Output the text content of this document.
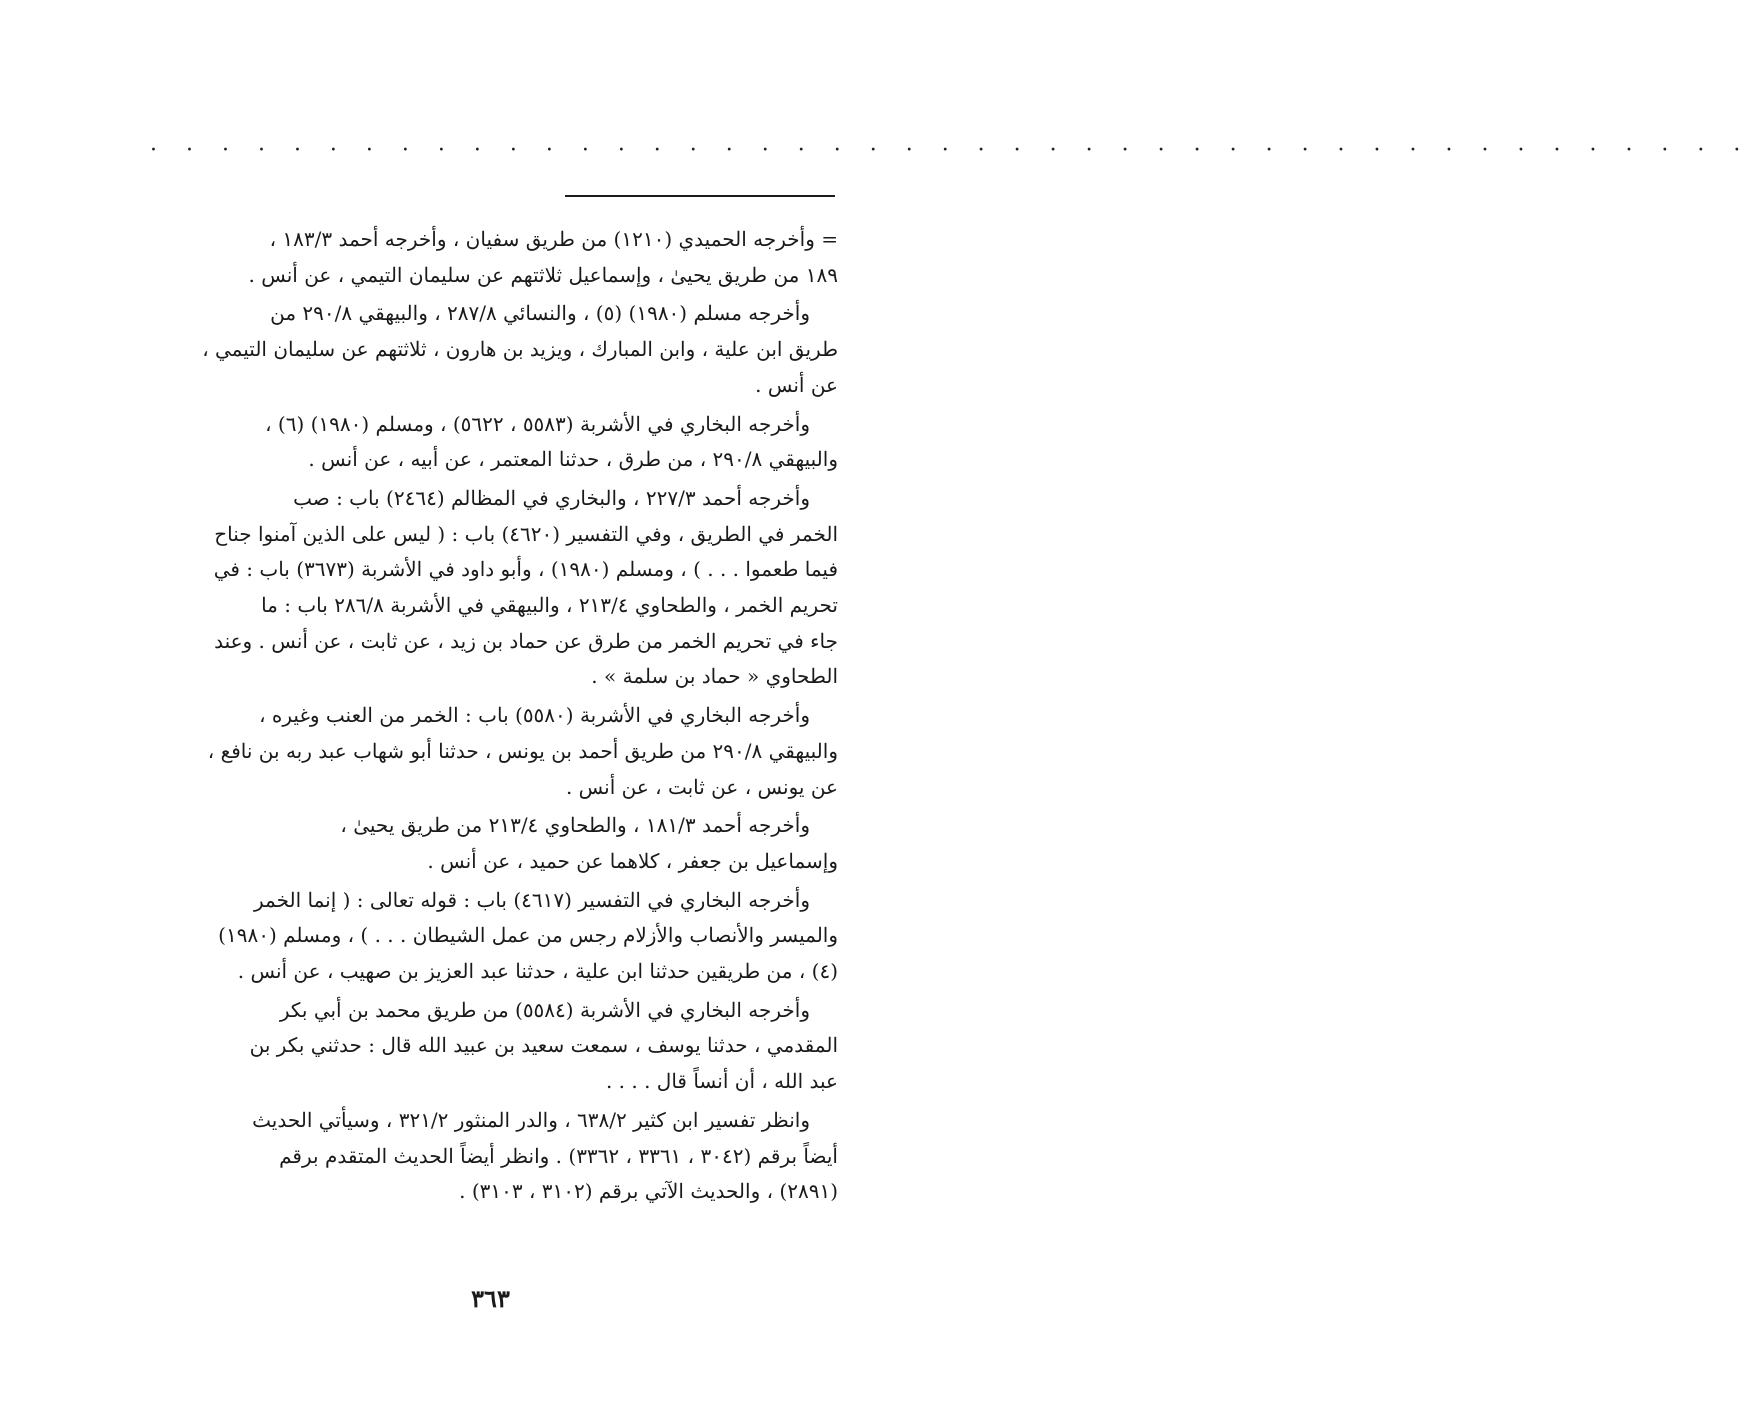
· · · · · · · · · · · · · · · · · · · · · · · · · · · · · · · · · · · · · · · · · · · · ·
= وأخرجه الحميدي (١٢١٠) من طريق سفيان ، وأخرجه أحمد ١٨٣/٣ ،
١٨٩ من طريق يحيىٰ ، وإسماعيل ثلاثتهم عن سليمان التيمي ، عن أنس .
وأخرجه مسلم (١٩٨٠) (٥) ، والنسائي ٢٨٧/٨ ، والبيهقي ٢٩٠/٨ من
طريق ابن علية ، وابن المبارك ، ويزيد بن هارون ، ثلاثتهم عن سليمان التيمي ،
عن أنس .
وأخرجه البخاري في الأشربة (٥٥٨٣ ، ٥٦٢٢) ، ومسلم (١٩٨٠) (٦) ،
والبيهقي ٢٩٠/٨ ، من طرق ، حدثنا المعتمر ، عن أبيه ، عن أنس .
وأخرجه أحمد ٢٢٧/٣ ، والبخاري في المظالم (٢٤٦٤) باب : صب
الخمر في الطريق ، وفي التفسير (٤٦٢٠) باب : ( ليس على الذين آمنوا جناح
فيما طعموا . . . ) ، ومسلم (١٩٨٠) ، وأبو داود في الأشربة (٣٦٧٣) باب : في
تحريم الخمر ، والطحاوي ٢١٣/٤ ، والبيهقي في الأشربة ٢٨٦/٨ باب : ما
جاء في تحريم الخمر من طرق عن حماد بن زيد ، عن ثابت ، عن أنس . وعند
الطحاوي « حماد بن سلمة » .
وأخرجه البخاري في الأشربة (٥٥٨٠) باب : الخمر من العنب وغيره ،
والبيهقي ٢٩٠/٨ من طريق أحمد بن يونس ، حدثنا أبو شهاب عبد ربه بن نافع ،
عن يونس ، عن ثابت ، عن أنس .
وأخرجه أحمد ١٨١/٣ ، والطحاوي ٢١٣/٤ من طريق يحيىٰ ،
وإسماعيل بن جعفر ، كلاهما عن حميد ، عن أنس .
وأخرجه البخاري في التفسير (٤٦١٧) باب : قوله تعالى : ( إنما الخمر
والميسر والأنصاب والأزلام رجس من عمل الشيطان . . . ) ، ومسلم (١٩٨٠)
(٤) ، من طريقين حدثنا ابن علية ، حدثنا عبد العزيز بن صهيب ، عن أنس .
وأخرجه البخاري في الأشربة (٥٥٨٤) من طريق محمد بن أبي بكر
المقدمي ، حدثنا يوسف ، سمعت سعيد بن عبيد الله قال : حدثني بكر بن
عبد الله ، أن أنساً قال . . . .
وانظر تفسير ابن كثير ٦٣٨/٢ ، والدر المنثور ٣٢١/٢ ، وسيأتي الحديث
أيضاً برقم (٣٠٤٢ ، ٣٣٦١ ، ٣٣٦٢) . وانظر أيضاً الحديث المتقدم برقم
(٢٨٩١) ، والحديث الآتي برقم (٣١٠٢ ، ٣١٠٣) .
٣٦٣
